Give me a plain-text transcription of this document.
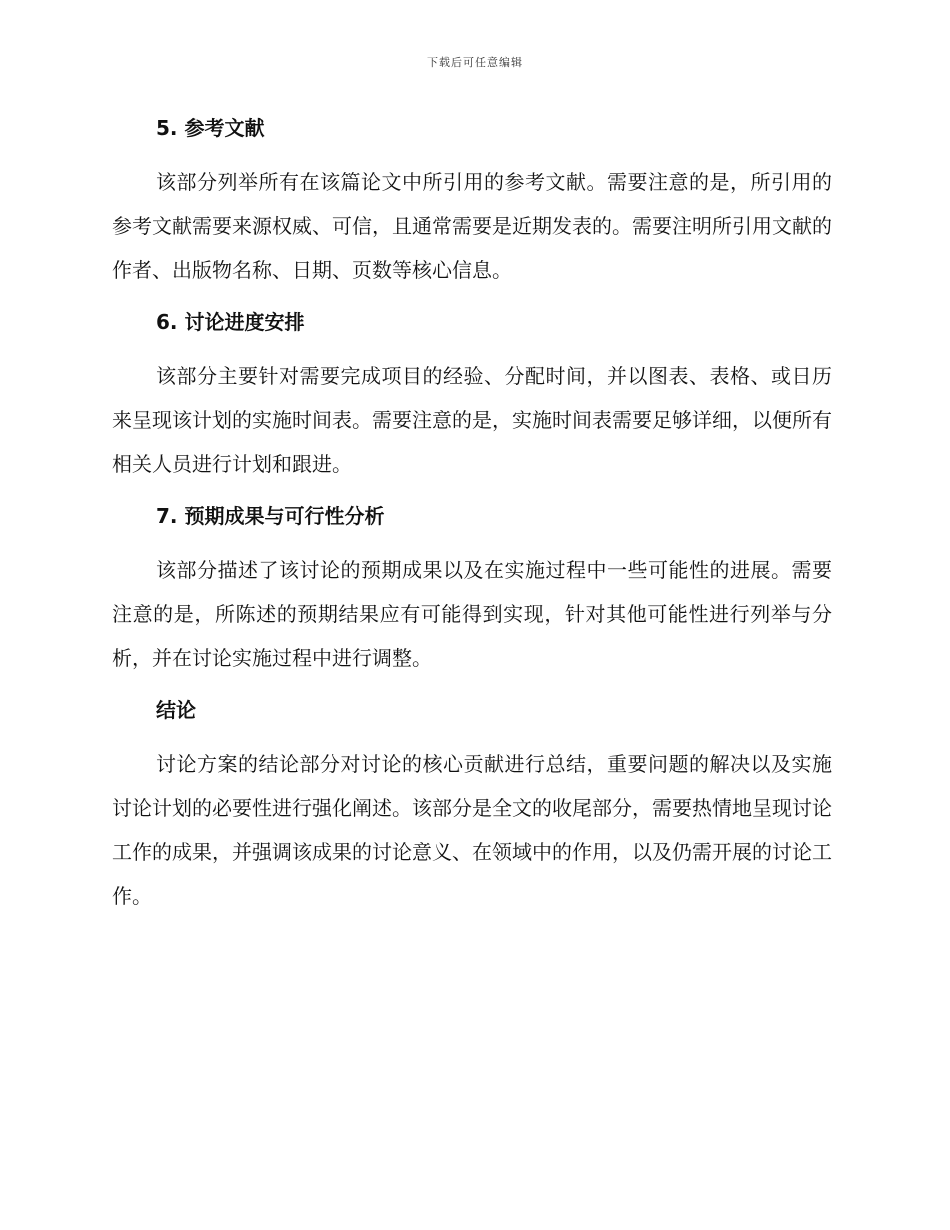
下载后可任意编辑
5. 参考文献

该部分列举所有在该篇论文中所引用的参考文献。需要注意的是，所引用的参考文献需要来源权威、可信，且通常需要是近期发表的。需要注明所引用文献的作者、出版物名称、日期、页数等核心信息。

6. 讨论进度安排

该部分主要针对需要完成项目的经验、分配时间，并以图表、表格、或日历来呈现该计划的实施时间表。需要注意的是，实施时间表需要足够详细，以便所有相关人员进行计划和跟进。

7. 预期成果与可行性分析

该部分描述了该讨论的预期成果以及在实施过程中一些可能性的进展。需要注意的是，所陈述的预期结果应有可能得到实现，针对其他可能性进行列举与分析，并在讨论实施过程中进行调整。

结论

讨论方案的结论部分对讨论的核心贡献进行总结，重要问题的解决以及实施讨论计划的必要性进行强化阐述。该部分是全文的收尾部分，需要热情地呈现讨论工作的成果，并强调该成果的讨论意义、在领域中的作用，以及仍需开展的讨论工作。
